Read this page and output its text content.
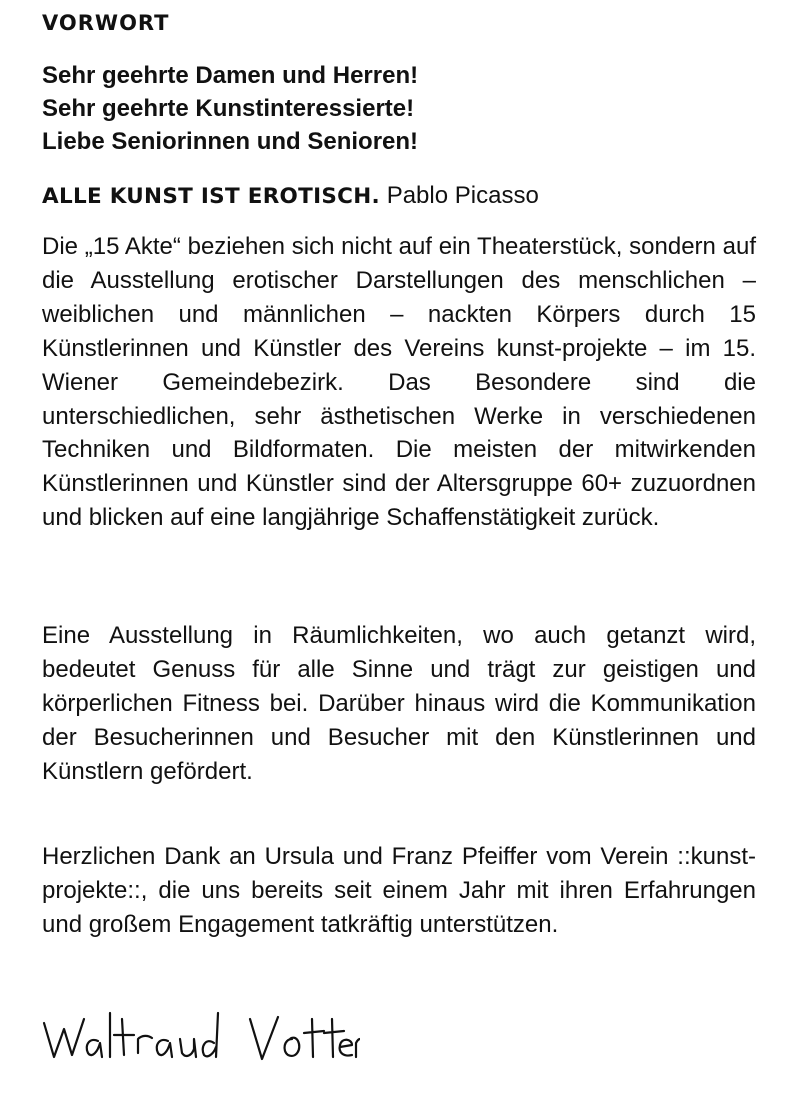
VORWORT
Sehr geehrte Damen und Herren!
Sehr geehrte Kunstinteressierte!
Liebe Seniorinnen und Senioren!

ALLE KUNST IST EROTISCH. Pablo Picasso

Die „15 Akte“ beziehen sich nicht auf ein Theaterstück, sondern auf die Ausstellung erotischer Darstellungen des menschlichen – weiblichen und männlichen – nackten Körpers durch 15 Künstlerinnen und Künstler des Vereins kunst-projekte – im 15. Wiener Gemeindebezirk. Das Besondere sind die unterschiedlichen, sehr ästhetischen Werke in verschiedenen Techniken und Bildformaten. Die meisten der mitwirkenden Künstlerinnen und Künstler sind der Altersgruppe 60+ zuzuordnen und blicken auf eine langjährige Schaffenstätigkeit zurück.

Eine Ausstellung in Räumlichkeiten, wo auch getanzt wird, bedeutet Genuss für alle Sinne und trägt zur geistigen und körperlichen Fitness bei. Darüber hinaus wird die Kommunikation der Besucherinnen und Besucher mit den Künstlerinnen und Künstlern gefördert.

Herzlichen Dank an Ursula und Franz Pfeiffer vom Verein ::kunst-projekte::, die uns bereits seit einem Jahr mit ihren Erfahrungen und großem Engagement tatkräftig unterstützen.

Waltraud Votter
